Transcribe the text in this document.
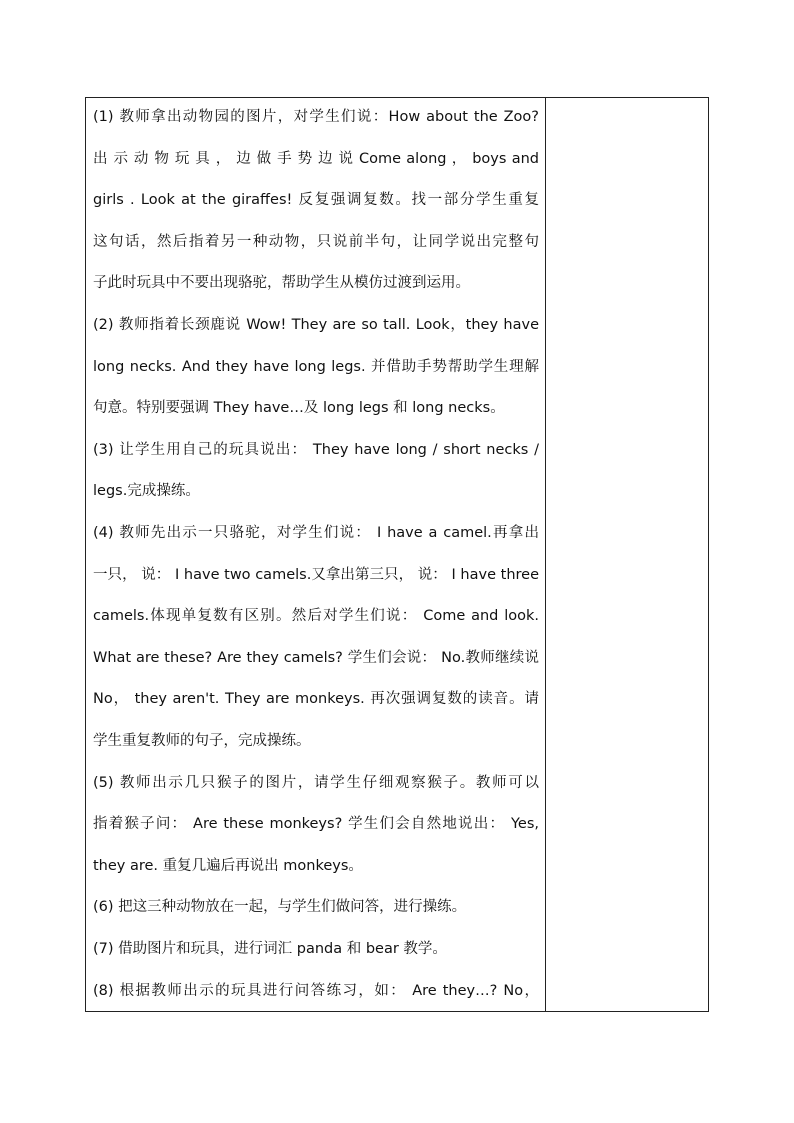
(1) 教师拿出动物园的图片，对学生们说：How about the Zoo?
出 示 动 物 玩 具 ， 边 做 手 势 边 说 Come along ， boys and
girls . Look at the giraffes! 反复强调复数。找一部分学生重复
这句话，然后指着另一种动物，只说前半句，让同学说出完整句
子此时玩具中不要出现骆驼，帮助学生从模仿过渡到运用。
(2) 教师指着长颈鹿说 Wow! They are so tall. Look，they have
long necks. And they have long legs. 并借助手势帮助学生理解
句意。特别要强调 They have…及 long legs 和 long necks。
(3) 让学生用自己的玩具说出： They have long / short necks /
legs.完成操练。
(4) 教师先出示一只骆驼，对学生们说： I have a camel.再拿出
一只， 说： I have two camels.又拿出第三只， 说： I have three
camels.体现单复数有区别。然后对学生们说： Come and look.
What are these? Are they camels? 学生们会说： No.教师继续说
No， they aren't. They are monkeys. 再次强调复数的读音。请
学生重复教师的句子，完成操练。
(5) 教师出示几只猴子的图片，请学生仔细观察猴子。教师可以
指着猴子问： Are these monkeys? 学生们会自然地说出： Yes,
they are. 重复几遍后再说出 monkeys。
(6) 把这三种动物放在一起，与学生们做问答，进行操练。
(7) 借助图片和玩具，进行词汇 panda 和 bear 教学。
(8) 根据教师出示的玩具进行问答练习，如： Are they…? No，
